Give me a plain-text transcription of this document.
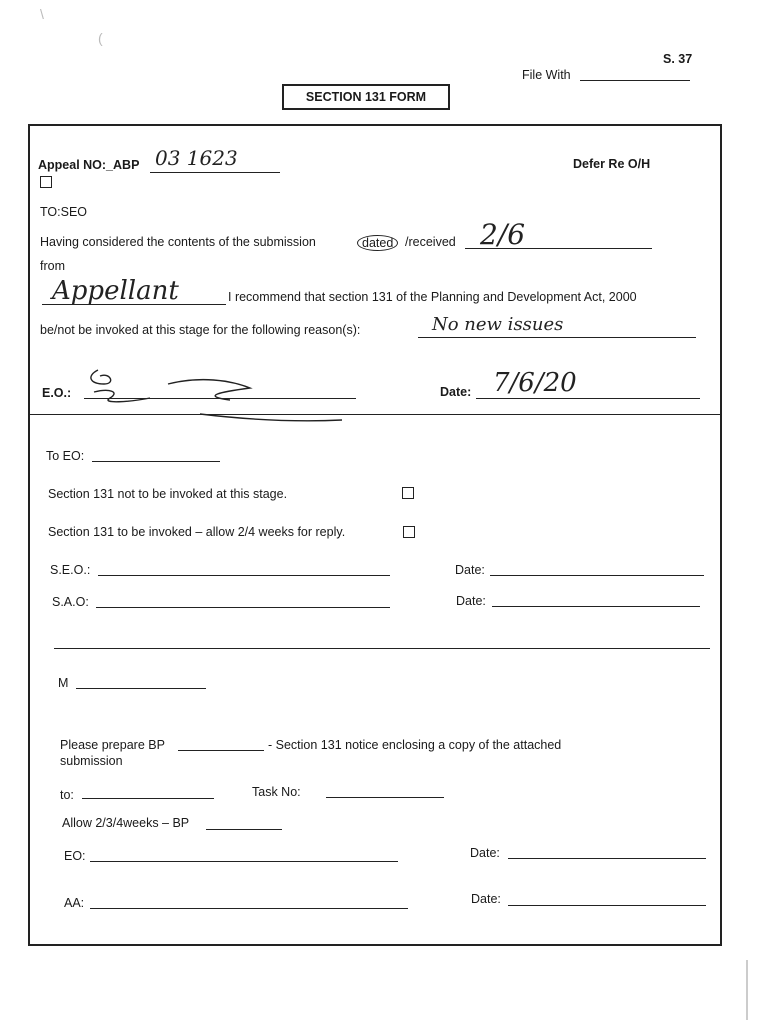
\
(
S. 37
File With
SECTION 131 FORM
Appeal NO:_ABP 03 1623	Defer Re O/H
TO:SEO
Having considered the contents of the submission	dated /received 2/6
from
Appellant	I recommend that section 131 of the Planning and Development Act, 2000
be/not be invoked at this stage for the following reason(s):	No new issues
E.O.:	Date: 7/6/20
To EO:
Section 131 not to be invoked at this stage.
Section 131 to be invoked – allow 2/4 weeks for reply.
S.E.O.:	Date:
S.A.O:	Date:
M
Please prepare BP	- Section 131 notice enclosing a copy of the attached
submission
to:	Task No:
Allow 2/3/4weeks – BP
EO:	Date:
AA:	Date:
